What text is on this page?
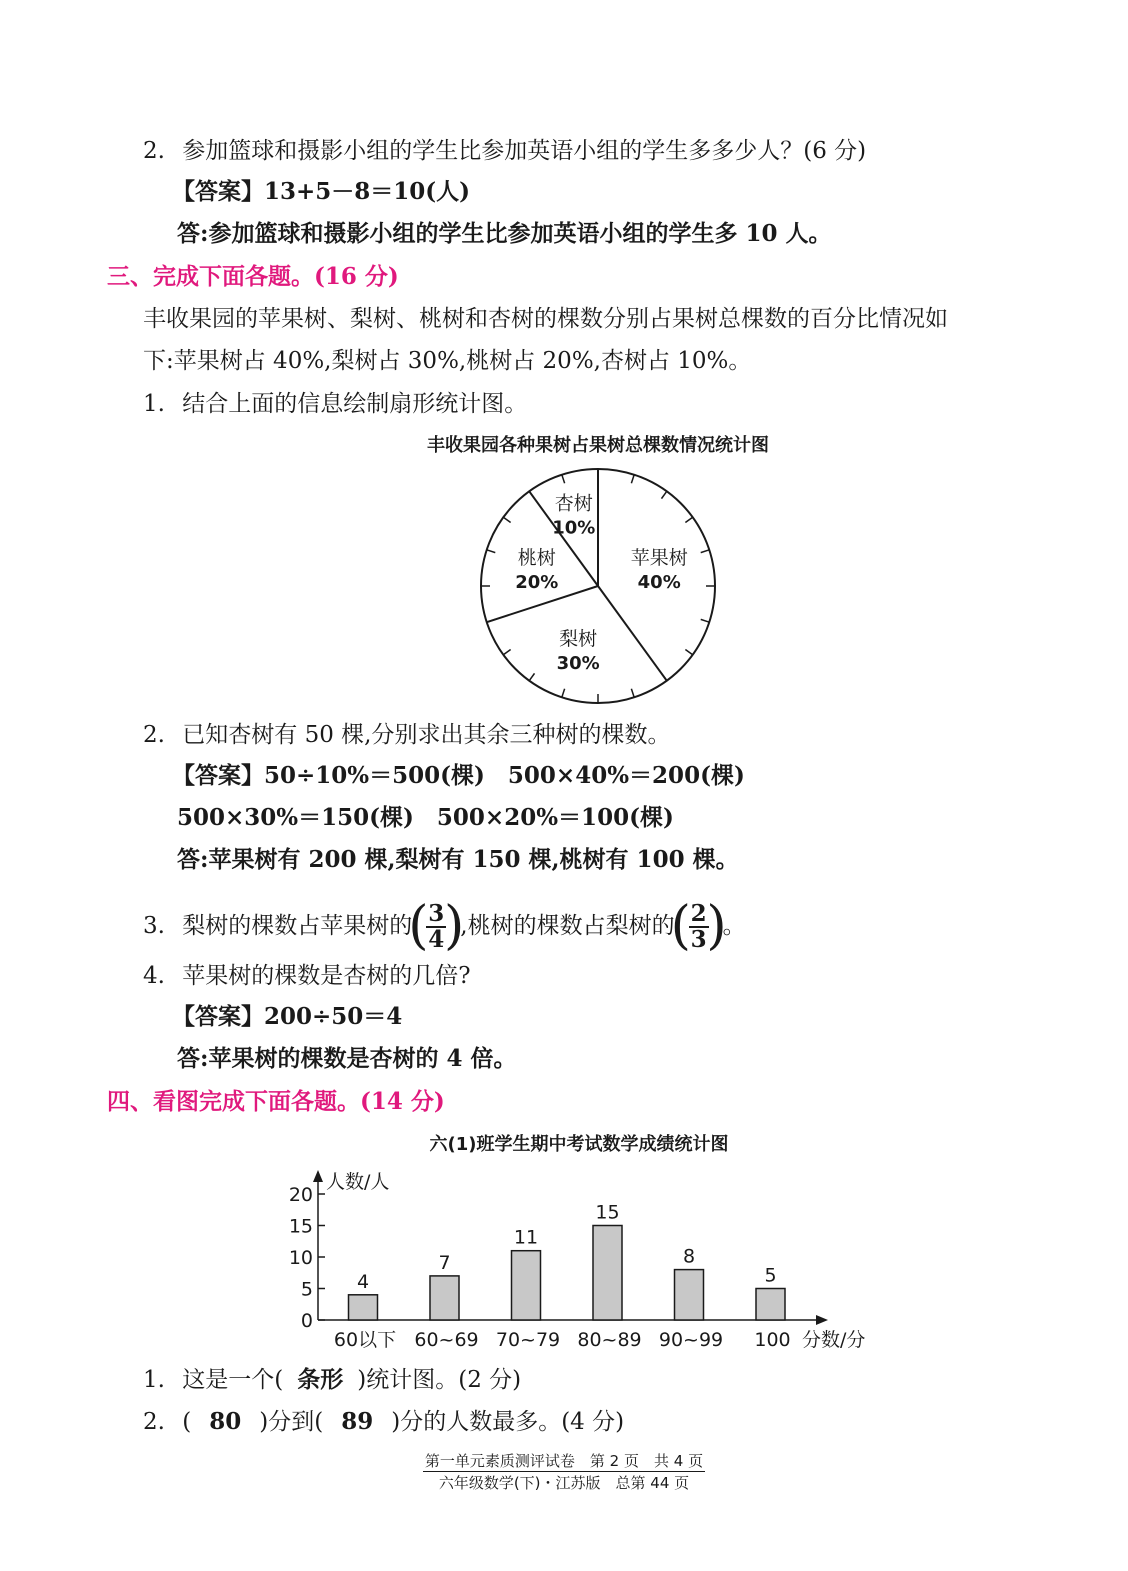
2. 参加篮球和摄影小组的学生比参加英语小组的学生多多少人？(6 分)
【答案】13+5－8＝10(人)
答:参加篮球和摄影小组的学生比参加英语小组的学生多 10 人。
三、完成下面各题。(16 分)
丰收果园的苹果树、梨树、桃树和杏树的棵数分别占果树总棵数的百分比情况如
下:苹果树占 40%,梨树占 30%,桃树占 20%,杏树占 10%。
1. 结合上面的信息绘制扇形统计图。
丰收果园各种果树占果树总棵数情况统计图
苹果树
40%
梨树
30%
桃树
20%
杏树
10%
2. 已知杏树有 50 棵,分别求出其余三种树的棵数。
【答案】50÷10%＝500(棵)　500×40%＝200(棵)
500×30%＝150(棵)　500×20%＝100(棵)
答:苹果树有 200 棵,梨树有 150 棵,桃树有 100 棵。
3. 梨树的棵数占苹果树的
( 3
4 )
,桃树的棵数占梨树的
( 2
3 )
。
4. 苹果树的棵数是杏树的几倍?
【答案】200÷50＝4
答:苹果树的棵数是杏树的 4 倍。
四、看图完成下面各题。(14 分)
六(1)班学生期中考试数学成绩统计图
人数/人
分数/分
0
5
10
15
20
4
60以下
7
60~69
11
70~79
15
80~89
8
90~99
5
100
1. 这是一个( 条形 )统计图。(2 分)
2. ( 80 )分到( 89 )分的人数最多。(4 分)
第一单元素质测评试卷　第 2 页　共 4 页
六年级数学(下)・江苏版　总第 44 页
